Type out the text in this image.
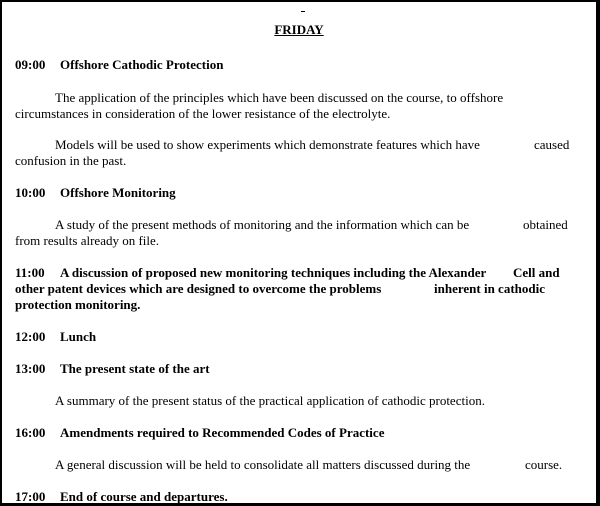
FRIDAY
09:00 Offshore Cathodic Protection
The application of the principles which have been discussed on the course, to offshore
circumstances in consideration of the lower resistance of the electrolyte.
Models will be used to show experiments which demonstrate features which have	caused
confusion in the past.
10:00 Offshore Monitoring
A study of the present methods of monitoring and the information which can be	obtained
from results already on file.
11:00 A discussion of proposed new monitoring techniques including the Alexander Cell and
other patent devices which are designed to overcome the problems	inherent in cathodic
protection monitoring.
12:00 Lunch
13:00 The present state of the art
A summary of the present status of the practical application of cathodic protection.
16:00 Amendments required to Recommended Codes of Practice
A general discussion will be held to consolidate all matters discussed during the	course.
17:00 End of course and departures.
